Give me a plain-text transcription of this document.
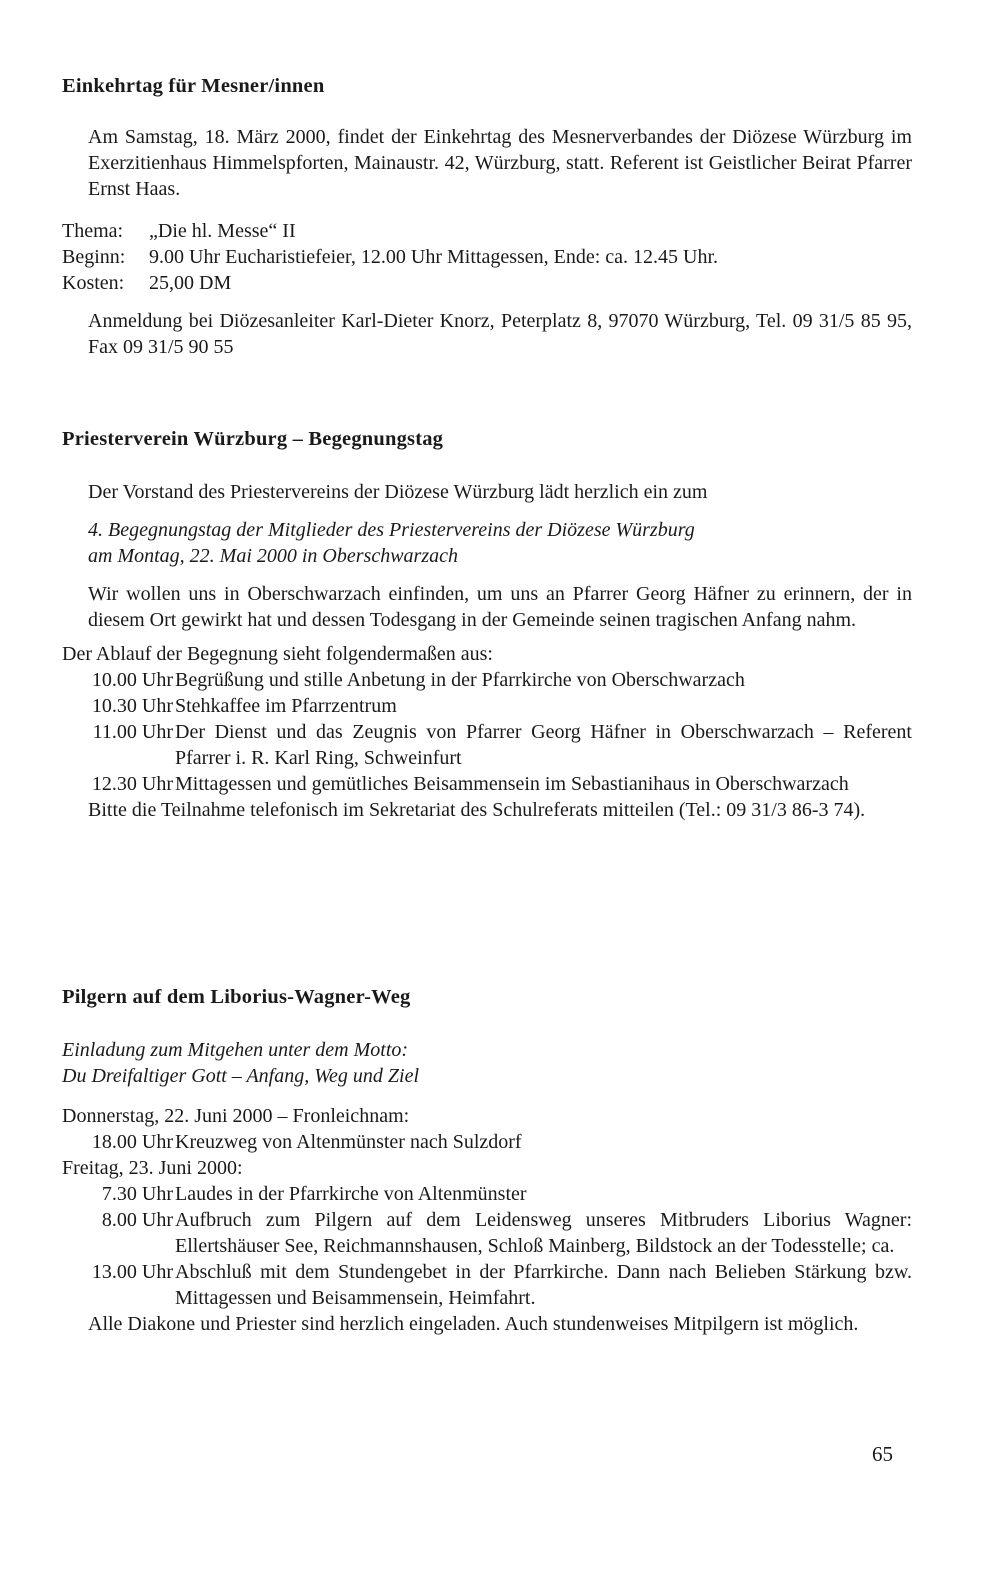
Einkehrtag für Mesner/innen

Am Samstag, 18. März 2000, findet der Einkehrtag des Mesnerverbandes der Diözese Würzburg im Exerzitienhaus Himmelspforten, Mainaustr. 42, Würzburg, statt. Referent ist Geistlicher Beirat Pfarrer Ernst Haas.

Thema:	„Die hl. Messe“ II
Beginn:	9.00 Uhr Eucharistiefeier, 12.00 Uhr Mittagessen, Ende: ca. 12.45 Uhr.
Kosten:	25,00 DM

Anmeldung bei Diözesanleiter Karl-Dieter Knorz, Peterplatz 8, 97070 Würzburg, Tel. 09 31/5 85 95, Fax 09 31/5 90 55

Priesterverein Würzburg – Begegnungstag

Der Vorstand des Priestervereins der Diözese Würzburg lädt herzlich ein zum

4. Begegnungstag der Mitglieder des Priestervereins der Diözese Würzburg

am Montag, 22. Mai 2000 in Oberschwarzach

Wir wollen uns in Oberschwarzach einfinden, um uns an Pfarrer Georg Häfner zu erinnern, der in diesem Ort gewirkt hat und dessen Todesgang in der Gemeinde seinen tragischen Anfang nahm.

Der Ablauf der Begegnung sieht folgendermaßen aus:

10.00 Uhr	Begrüßung und stille Anbetung in der Pfarrkirche von Oberschwarzach
10.30 Uhr	Stehkaffee im Pfarrzentrum
11.00 Uhr	Der Dienst und das Zeugnis von Pfarrer Georg Häfner in Oberschwarzach – Referent Pfarrer i. R. Karl Ring, Schweinfurt
12.30 Uhr	Mittagessen und gemütliches Beisammensein im Sebastianihaus in Oberschwarzach

Bitte die Teilnahme telefonisch im Sekretariat des Schulreferats mitteilen (Tel.: 09 31/3 86-3 74).

Pilgern auf dem Liborius-Wagner-Weg

Einladung zum Mitgehen unter dem Motto:

Du Dreifaltiger Gott – Anfang, Weg und Ziel

Donnerstag, 22. Juni 2000 – Fronleichnam:

18.00 Uhr	Kreuzweg von Altenmünster nach Sulzdorf

Freitag, 23. Juni 2000:

7.30 Uhr	Laudes in der Pfarrkirche von Altenmünster
8.00 Uhr	Aufbruch zum Pilgern auf dem Leidensweg unseres Mitbruders Liborius Wagner: Ellertshäuser See, Reichmannshausen, Schloß Mainberg, Bildstock an der Todesstelle; ca.
13.00 Uhr	Abschluß mit dem Stundengebet in der Pfarrkirche. Dann nach Belieben Stärkung bzw. Mittagessen und Beisammensein, Heimfahrt.

Alle Diakone und Priester sind herzlich eingeladen. Auch stundenweises Mitpilgern ist möglich.

65
